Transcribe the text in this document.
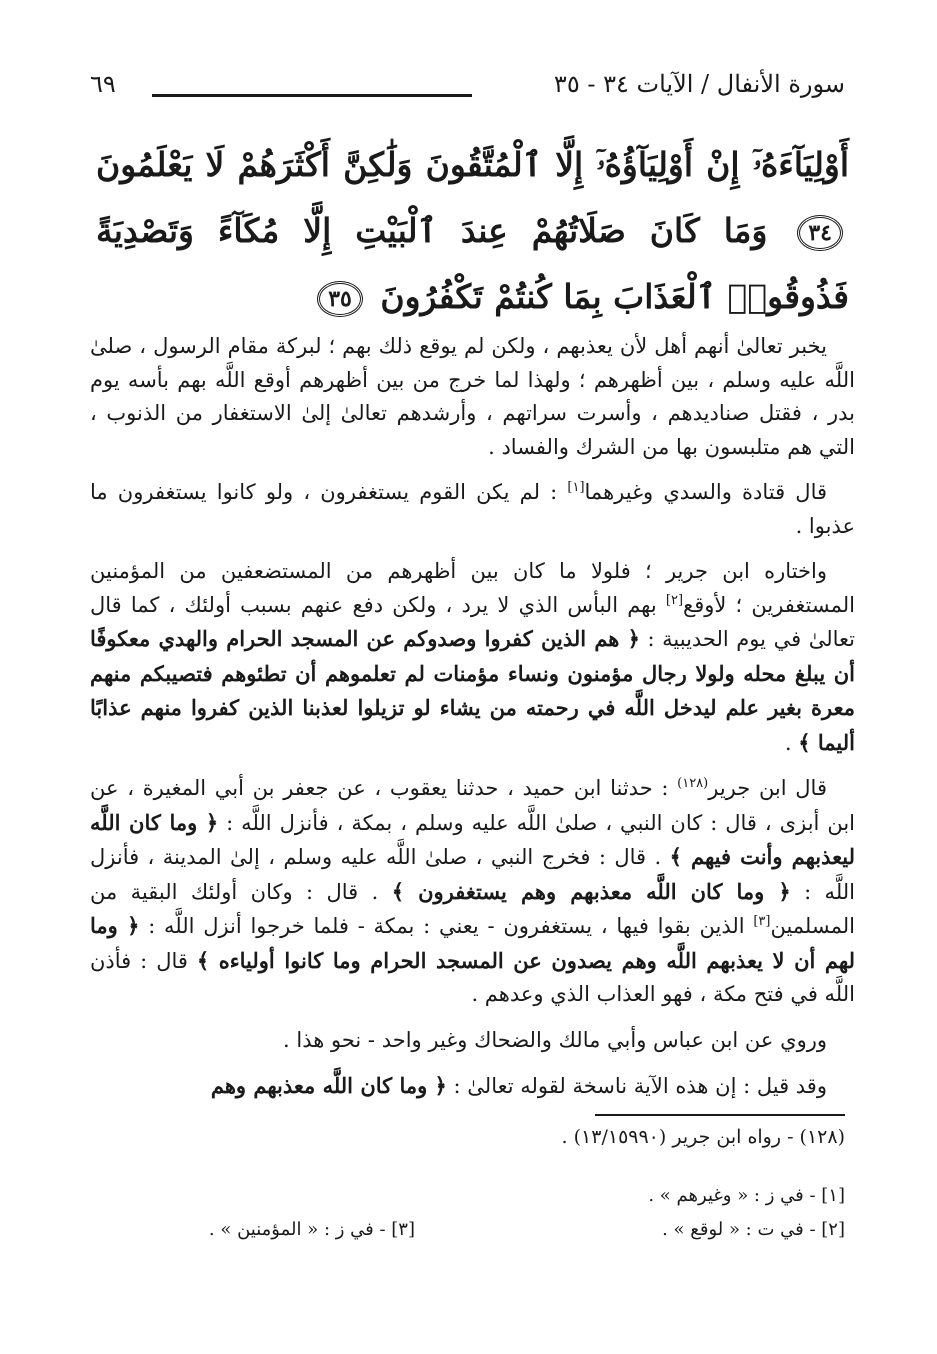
سورة الأنفال / الآيات ٣٤ - ٣٥
٦٩
أَوْلِيَآءَهُۥٓ إِنْ أَوْلِيَآؤُهُۥٓ إِلَّا ٱلْمُتَّقُونَ وَلَٰكِنَّ أَكْثَرَهُمْ لَا يَعْلَمُونَ ٣٤ وَمَا كَانَ صَلَاتُهُمْ عِندَ ٱلْبَيْتِ إِلَّا مُكَآءً وَتَصْدِيَةً فَذُوقُوا۟ ٱلْعَذَابَ بِمَا كُنتُمْ تَكْفُرُونَ ٣٥

يخبر تعالىٰ أنهم أهل لأن يعذبهم ، ولكن لم يوقع ذلك بهم ؛ لبركة مقام الرسول ، صلىٰ اللَّه عليه وسلم ، بين أظهرهم ؛ ولهذا لما خرج من بين أظهرهم أوقع اللَّه بهم بأسه يوم بدر ، فقتل صناديدهم ، وأسرت سراتهم ، وأرشدهم تعالىٰ إلىٰ الاستغفار من الذنوب ، التي هم متلبسون بها من الشرك والفساد .

قال قتادة والسدي وغيرهما[١] : لم يكن القوم يستغفرون ، ولو كانوا يستغفرون ما عذبوا .

واختاره ابن جرير ؛ فلولا ما كان بين أظهرهم من المستضعفين من المؤمنين المستغفرين ؛ لأوقع[٢] بهم البأس الذي لا يرد ، ولكن دفع عنهم بسبب أولئك ، كما قال تعالىٰ في يوم الحديبية : ﴿ هم الذين كفروا وصدوكم عن المسجد الحرام والهدي معكوفًا أن يبلغ محله ولولا رجال مؤمنون ونساء مؤمنات لم تعلموهم أن تطئوهم فتصيبكم منهم معرة بغير علم ليدخل اللَّه في رحمته من يشاء لو تزيلوا لعذبنا الذين كفروا منهم عذابًا أليما ﴾ .

قال ابن جرير$^{(١٢٨)}$ : حدثنا ابن حميد ، حدثنا يعقوب ، عن جعفر بن أبي المغيرة ، عن ابن أبزى ، قال : كان النبي ، صلىٰ اللَّه عليه وسلم ، بمكة ، فأنزل اللَّه : ﴿ وما كان اللَّه ليعذبهم وأنت فيهم ﴾ . قال : فخرج النبي ، صلىٰ اللَّه عليه وسلم ، إلىٰ المدينة ، فأنزل اللَّه : ﴿ وما كان اللَّه معذبهم وهم يستغفرون ﴾ . قال : وكان أولئك البقية من المسلمين[٣] الذين بقوا فيها ، يستغفرون - يعني : بمكة - فلما خرجوا أنزل اللَّه : ﴿ وما لهم أن لا يعذبهم اللَّه وهم يصدون عن المسجد الحرام وما كانوا أولياءه ﴾ قال : فأذن اللَّه في فتح مكة ، فهو العذاب الذي وعدهم .

وروي عن ابن عباس وأبي مالك والضحاك وغير واحد - نحو هذا .

وقد قيل : إن هذه الآية ناسخة لقوله تعالىٰ : ﴿ وما كان اللَّه معذبهم وهم

(١٢٨) - رواه ابن جرير (١٣/١٥٩٩٠) .
[١] - في ز : « وغيرهم » .
[٢] - في ت : « لوقع » .
[٣] - في ز : « المؤمنين » .
